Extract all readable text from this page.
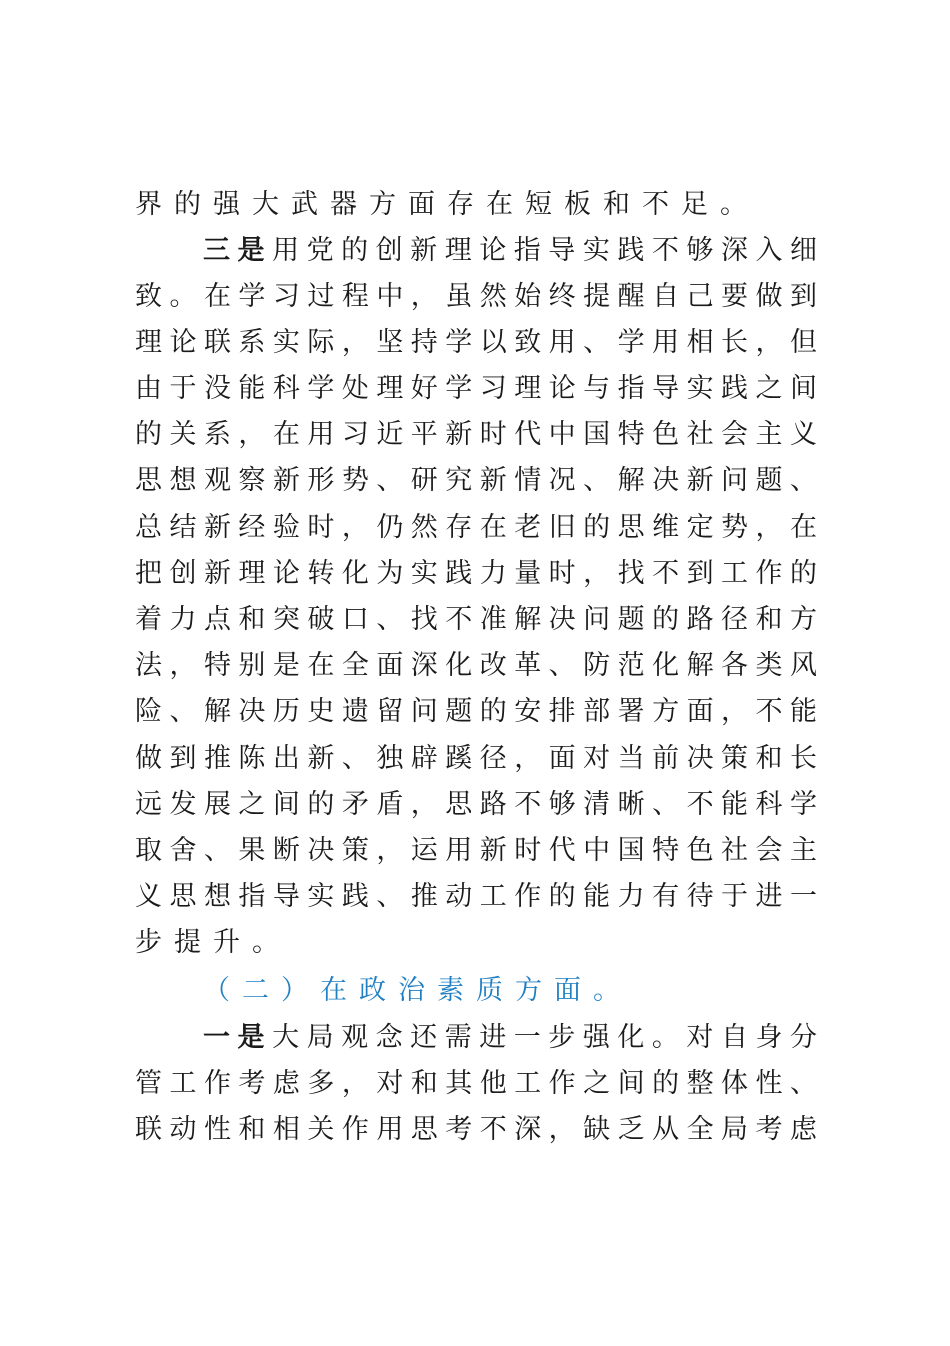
界的强大武器方面存在短板和不足。
三是用党的创新理论指导实践不够深入细
致。在学习过程中，虽然始终提醒自己要做到
理论联系实际，坚持学以致用、学用相长，但
由于没能科学处理好学习理论与指导实践之间
的关系，在用习近平新时代中国特色社会主义
思想观察新形势、研究新情况、解决新问题、
总结新经验时，仍然存在老旧的思维定势，在
把创新理论转化为实践力量时，找不到工作的
着力点和突破口、找不准解决问题的路径和方
法，特别是在全面深化改革、防范化解各类风
险、解决历史遗留问题的安排部署方面，不能
做到推陈出新、独辟蹊径，面对当前决策和长
远发展之间的矛盾，思路不够清晰、不能科学
取舍、果断决策，运用新时代中国特色社会主
义思想指导实践、推动工作的能力有待于进一
步提升。
（二）在政治素质方面。
一是大局观念还需进一步强化。对自身分
管工作考虑多，对和其他工作之间的整体性、
联动性和相关作用思考不深，缺乏从全局考虑
